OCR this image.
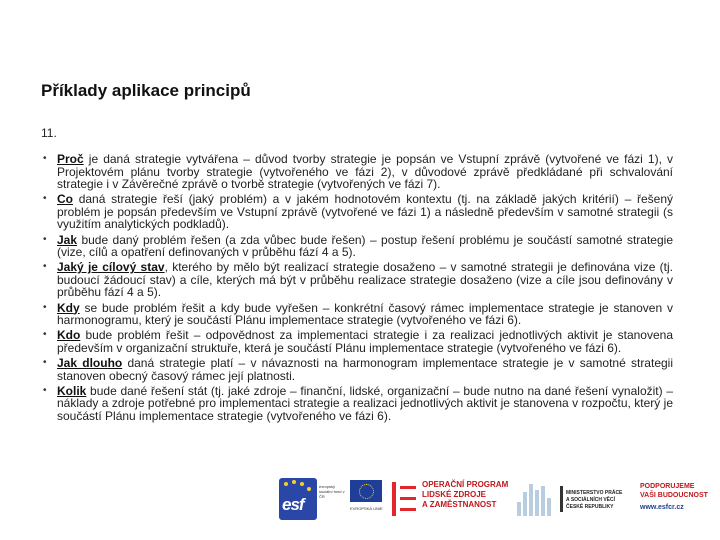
Příklady aplikace principů
11.
• Proč je daná strategie vytvářena – důvod tvorby strategie je popsán ve Vstupní zprávě (vytvořené ve fázi 1), v Projektovém plánu tvorby strategie (vytvořeného ve fázi 2), v důvodové zprávě předkládané při schvalování strategie i v Závěrečné zprávě o tvorbě strategie (vytvořených ve fázi 7).
• Co daná strategie řeší (jaký problém) a v jakém hodnotovém kontextu (tj. na základě jakých kritérií) – řešený problém je popsán především ve Vstupní zprávě (vytvořené ve fázi 1) a následně především v samotné strategii (s využitím analytických podkladů).
• Jak bude daný problém řešen (a zda vůbec bude řešen) – postup řešení problému je součástí samotné strategie (vize, cílů a opatření definovaných v průběhu fází 4 a 5).
• Jaký je cílový stav, kterého by mělo být realizací strategie dosaženo – v samotné strategii je definována vize (tj. budoucí žádoucí stav) a cíle, kterých má být v průběhu realizace strategie dosaženo (vize a cíle jsou definovány v průběhu fází 4 a 5).
• Kdy se bude problém řešit a kdy bude vyřešen – konkrétní časový rámec implementace strategie je stanoven v harmonogramu, který je součástí Plánu implementace strategie (vytvořeného ve fázi 6).
• Kdo bude problém řešit – odpovědnost za implementaci strategie i za realizaci jednotlivých aktivit je stanovena především v organizační struktuře, která je součástí Plánu implementace strategie (vytvořeného ve fázi 6).
• Jak dlouho daná strategie platí – v návaznosti na harmonogram implementace strategie je v samotné strategii stanoven obecný časový rámec její platnosti.
• Kolik bude dané řešení stát (tj. jaké zdroje – finanční, lidské, organizační – bude nutno na dané řešení vynaložit) – náklady a zdroje potřebné pro implementaci strategie a realizaci jednotlivých aktivit je stanovena v rozpočtu, který je součástí Plánu implementace strategie (vytvořeného ve fázi 6).
esf
evropský sociální fond v ČR
EVROPSKÁ UNIE
OPERAČNÍ PROGRAM
LIDSKÉ ZDROJE
A ZAMĚSTNANOST
MINISTERSTVO PRÁCE
A SOCIÁLNÍCH VĚCÍ
ČESKÉ REPUBLIKY
PODPORUJEME
VAŠI BUDOUCNOST
www.esfcr.cz
